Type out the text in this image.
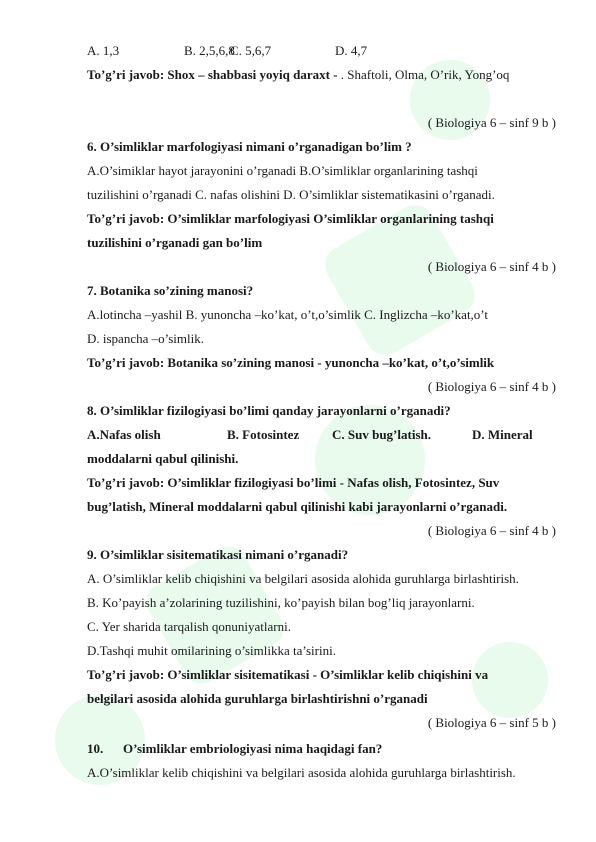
A. 1,3	B. 2,5,6,8
C. 5,6,7	D. 4,7
To’g’ri javob: Shox – shabbasi yoyiq daraxt - . Shaftoli, Olma, O’rik, Yong’oq
( Biologiya 6 – sinf 9 b )
6. O’simliklar marfologiyasi nimani o’rganadigan bo’lim ?
A.O’simiklar hayot jarayonini o’rganadi B.O’simliklar organlarining tashqi
tuzilishini o’rganadi C. nafas olishini D. O’simliklar sistematikasini o’rganadi.
To’g’ri javob: O’simliklar marfologiyasi O’simliklar organlarining tashqi
tuzilishini o’rganadi gan bo’lim
( Biologiya 6 – sinf 4 b )
7. Botanika so’zining manosi?
A.lotincha –yashil B. yunoncha –ko’kat, o’t,o’simlik C. Inglizcha –ko’kat,o’t
D. ispancha –o’simlik.
To’g’ri javob: Botanika so’zining manosi - yunoncha –ko’kat, o’t,o’simlik
( Biologiya 6 – sinf 4 b )
8. O’simliklar fizilogiyasi bo’limi qanday jarayonlarni o’rganadi?
A.Nafas olish	B. Fotosintez	C. Suv bug’latish.	D. Mineral
moddalarni qabul qilinishi.
To’g’ri javob: O’simliklar fizilogiyasi bo’limi - Nafas olish, Fotosintez, Suv
bug’latish, Mineral moddalarni qabul qilinishi kabi jarayonlarni o’rganadi.
( Biologiya 6 – sinf 4 b )
9. O’simliklar sisitematikasi nimani o’rganadi?
A. O’simliklar kelib chiqishini va belgilari asosida alohida guruhlarga birlashtirish.
B. Ko’payish a’zolarining tuzilishini, ko’payish bilan bog’liq jarayonlarni.
C. Yer sharida tarqalish qonuniyatlarni.
D.Tashqi muhit omilarining o’simlikka ta’sirini.
To’g’ri javob: O’simliklar sisitematikasi - O’simliklar kelib chiqishini va
belgilari asosida alohida guruhlarga birlashtirishni o’rganadi
( Biologiya 6 – sinf 5 b )
10. O’simliklar embriologiyasi nima haqidagi fan?
A.O’simliklar kelib chiqishini va belgilari asosida alohida guruhlarga birlashtirish.
